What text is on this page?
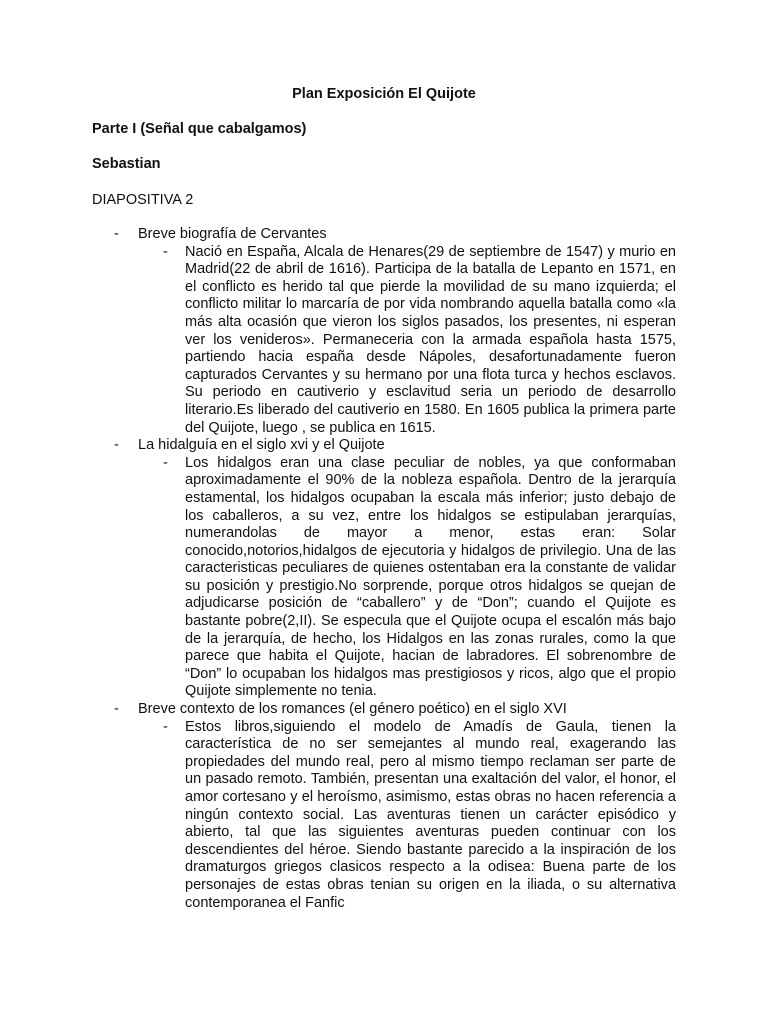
Plan Exposición El Quijote
Parte I (Señal que cabalgamos)
Sebastian
DIAPOSITIVA 2
- Breve biografía de Cervantes
- Nació en España, Alcala de Henares(29 de septiembre de 1547) y murio en Madrid(22 de abril de 1616). Participa de la batalla de Lepanto en 1571, en el conflicto es herido tal que pierde la movilidad de su mano izquierda; el conflicto militar lo marcaría de por vida nombrando aquella batalla como «la más alta ocasión que vieron los siglos pasados, los presentes, ni esperan ver los venideros». Permaneceria con la armada española hasta 1575, partiendo hacia españa desde Nápoles, desafortunadamente fueron capturados Cervantes y su hermano por una flota turca y hechos esclavos. Su periodo en cautiverio y esclavitud seria un periodo de desarrollo literario.Es liberado del cautiverio en 1580. En 1605 publica la primera parte del Quijote, luego , se publica en 1615.

- La hidalguía en el siglo xvi y el Quijote
- Los hidalgos eran una clase peculiar de nobles, ya que conformaban aproximadamente el 90% de la nobleza española. Dentro de la jerarquía estamental, los hidalgos ocupaban la escala más inferior; justo debajo de los caballeros, a su vez, entre los hidalgos se estipulaban jerarquías, numerandolas de mayor a menor, estas eran: Solar conocido,notorios,hidalgos de ejecutoria y hidalgos de privilegio. Una de las caracteristicas peculiares de quienes ostentaban era la constante de validar su posición y prestigio.No sorprende, porque otros hidalgos se quejan de adjudicarse posición de “caballero” y de “Don”; cuando el Quijote es bastante pobre(2,II). Se especula que el Quijote ocupa el escalón más bajo de la jerarquía, de hecho, los Hidalgos en las zonas rurales, como la que parece que habita el Quijote, hacian de labradores. El sobrenombre de “Don” lo ocupaban los hidalgos mas prestigiosos y ricos, algo que el propio Quijote simplemente no tenia.

- Breve contexto de los romances (el género poético) en el siglo XVI
- Estos libros,siguiendo el modelo de Amadís de Gaula, tienen la característica de no ser semejantes al mundo real, exagerando las propiedades del mundo real, pero al mismo tiempo reclaman ser parte de un pasado remoto. También, presentan una exaltación del valor, el honor, el amor cortesano y el heroísmo, asimismo, estas obras no hacen referencia a ningún contexto social. Las aventuras tienen un carácter episódico y abierto, tal que las siguientes aventuras pueden continuar con los descendientes del héroe. Siendo bastante parecido a la inspiración de los dramaturgos griegos clasicos respecto a la odisea: Buena parte de los personajes de estas obras tenian su origen en la iliada, o su alternativa contemporanea el Fanfic
